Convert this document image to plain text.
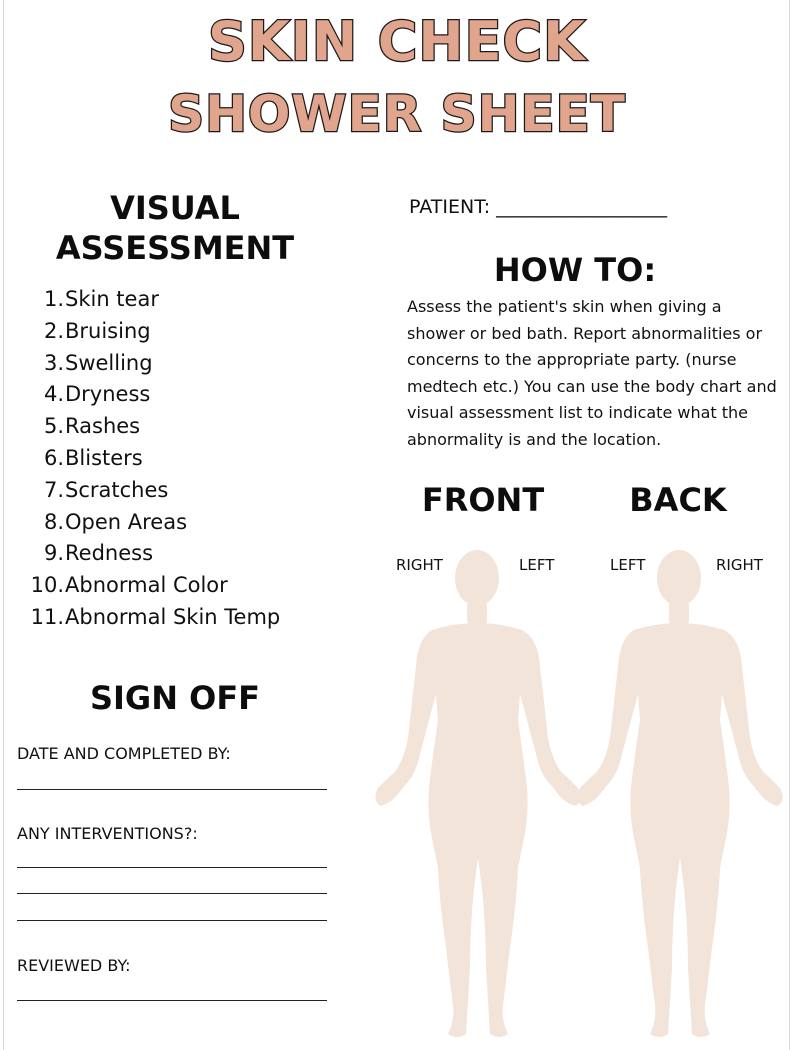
SKIN CHECK
SHOWER SHEET
VISUAL
ASSESSMENT
1. Skin tear
2. Bruising
3. Swelling
4. Dryness
5. Rashes
6. Blisters
7. Scratches
8. Open Areas
9. Redness
10. Abnormal Color
11. Abnormal Skin Temp
PATIENT: __________________
HOW TO:

Assess the patient's skin when giving a shower or bed bath. Report abnormalities or concerns to the appropriate party. (nurse medtech etc.) You can use the body chart and visual assessment list to indicate what the abnormality is and the location.

FRONT	BACK
RIGHT	LEFT	LEFT	RIGHT
SIGN OFF
DATE AND COMPLETED BY:
ANY INTERVENTIONS?:
REVIEWED BY:
